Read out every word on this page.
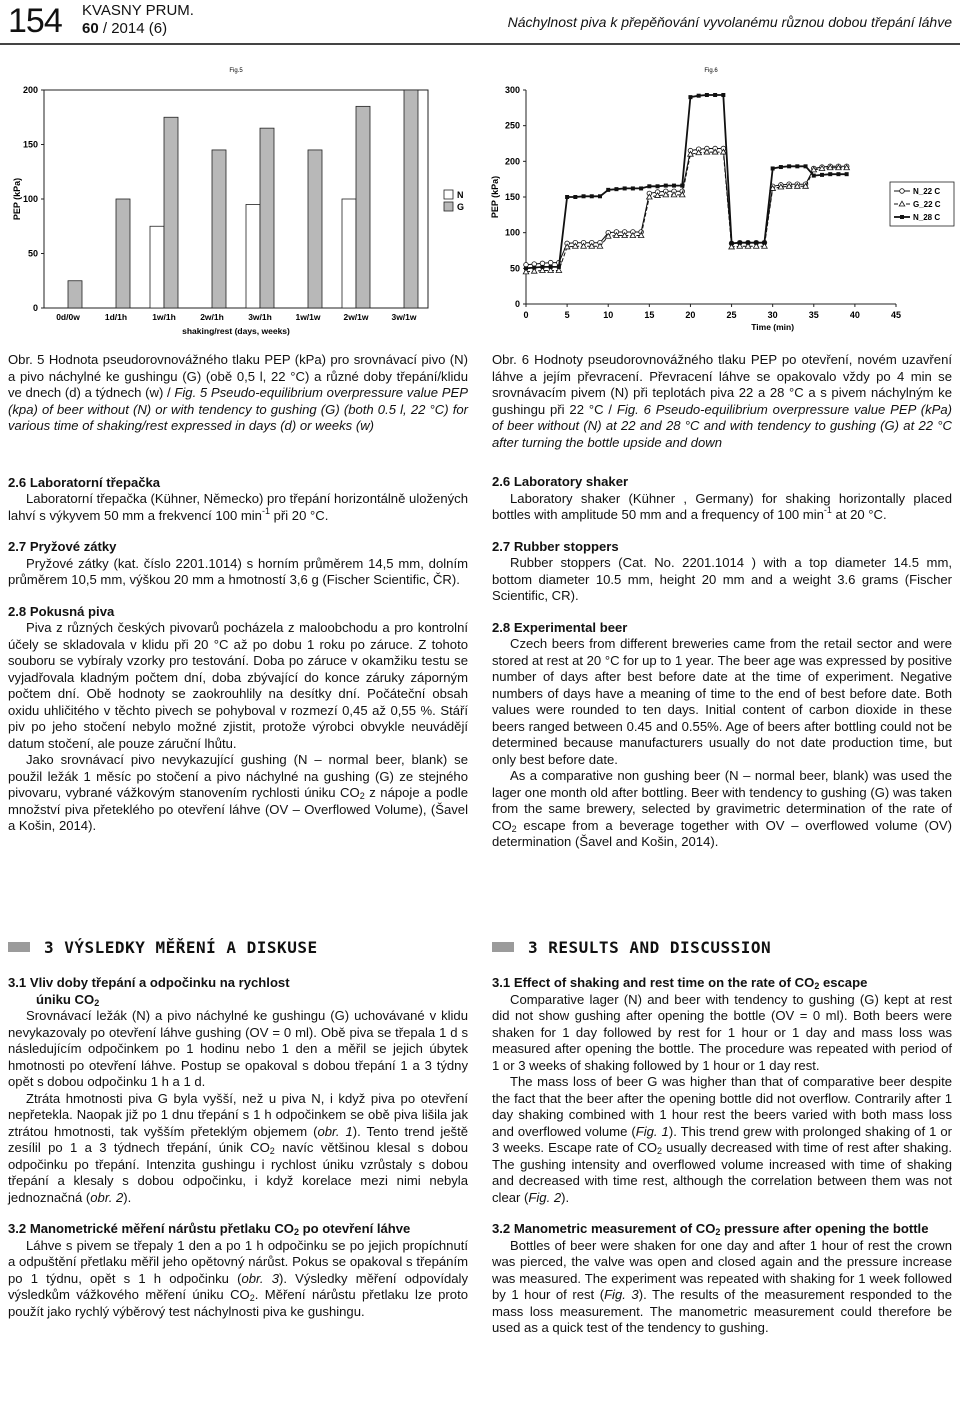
154 KVASNY PRUM.
60 / 2014 (6)	Náchylnost piva k přepěňování vyvolanému různou dobou třepání láhve
Fig.5
0
50
100
150
200
0d/0w	1d/1h	1w/1h	2w/1h	3w/1h	1w/1w	2w/1w	3w/1w
shaking/rest (days, weeks)
PEP (kPa)	N
G
Fig.6
0
50
100
150
200
250
300
0	5	10	15	20	25	30	35	40	45
Time (min)
PEP (kPa)	N_22 C
G_22 C
N_28 C

Obr. 5 Hodnota pseudorovnovážného tlaku PEP (kPa) pro srovnávací pivo (N) a pivo náchylné ke gushingu (G) (obě 0,5 l, 22 °C) a různé doby třepání/klidu ve dnech (d) a týdnech (w) / Fig. 5 Pseudo-equilibrium overpressure value PEP (kpa) of beer without (N) or with tendency to gushing (G) (both 0.5 l, 22 °C) for various time of shaking/rest expressed in days (d) or weeks (w)

2.6 Laboratorní třepačka

Laboratorní třepačka (Kühner, Německo) pro třepání horizontálně uložených lahví s výkyvem 50 mm a frekvencí 100 $\min^{-1}$ při 20 °C.

2.7 Pryžové zátky

Pryžové zátky (kat. číslo 2201.1014) s horním průměrem 14,5 mm, dolním průměrem 10,5 mm, výškou 20 mm a hmotností 3,6 g (Fischer Scientific, ČR).

2.8 Pokusná piva

Piva z různých českých pivovarů pocházela z maloobchodu a pro kontrolní účely se skladovala v klidu při 20 °C až po dobu 1 roku po záruce. Z tohoto souboru se vybíraly vzorky pro testování. Doba po záruce v okamžiku testu se vyjadřovala kladným počtem dní, doba zbývající do konce záruky záporným počtem dní. Obě hodnoty se zaokrouhlily na desítky dní. Počáteční obsah oxidu uhličitého v těchto pivech se pohyboval v rozmezí 0,45 až 0,55 %. Stáří piv po jeho stočení nebylo možné zjistit, protože výrobci obvykle neuvádějí datum stočení, ale pouze záruční lhůtu.

Jako srovnávací pivo nevykazující gushing (N – normal beer, blank) se použil ležák 1 měsíc po stočení a pivo náchylné na gushing (G) ze stejného pivovaru, vybrané vážkovým stanovením rychlosti úniku $CO_2$ z nápoje a podle množství piva přeteklého po otevření láhve (OV – Overflowed Volume), (Šavel a Košin, 2014).

3 VÝSLEDKY MĚŘENÍ A DISKUSE

3.1 Vliv doby třepání a odpočinku na rychlost

úniku $CO_2$

Srovnávací ležák (N) a pivo náchylné ke gushingu (G) uchovávané v klidu nevykazovaly po otevření láhve gushing (OV = 0 ml). Obě piva se třepala 1 d s následujícím odpočinkem po 1 hodinu nebo 1 den a měřil se jejich úbytek hmotnosti po otevření láhve. Postup se opakoval s dobou třepání 1 a 3 týdny opět s dobou odpočinku 1 h a 1 d.

Ztráta hmotnosti piva G byla vyšší, než u piva N, i když piva po otevření nepřetekla. Naopak již po 1 dnu třepání s 1 h odpočinkem se obě piva lišila jak ztrátou hmotnosti, tak vyšším přeteklým objemem (obr. 1). Tento trend ještě zesílil po 1 a 3 týdnech třepání, únik $CO_2$ navíc většinou klesal s dobou odpočinku po třepání. Intenzita gushingu i rychlost úniku vzrůstaly s dobou třepání a klesaly s dobou odpočinku, i když korelace mezi nimi nebyla jednoznačná (obr. 2).

3.2 Manometrické měření nárůstu přetlaku $CO_2$ po otevření láhve

Láhve s pivem se třepaly 1 den a po 1 h odpočinku se po jejich propíchnutí a odpuštění přetlaku měřil jeho opětovný nárůst. Pokus se opakoval s třepáním po 1 týdnu, opět s 1 h odpočinku (obr. 3). Výsledky měření odpovídaly výsledkům vážkového měření úniku $CO_2$. Měření nárůstu přetlaku lze proto použít jako rychlý výběrový test náchylnosti piva ke gushingu.

Obr. 6 Hodnoty pseudorovnovážného tlaku PEP po otevření, novém uzavření láhve a jejím převracení. Převracení láhve se opakovalo vždy po 4 min se srovnávacím pivem (N) při teplotách piva 22 a 28 °C a s pivem náchylným ke gushingu při 22 °C / Fig. 6 Pseudo-equilibrium overpressure value PEP (kPa) of beer without (N) at 22 and 28 °C and with tendency to gushing (G) at 22 °C after turning the bottle upside and down

2.6 Laboratory shaker

Laboratory shaker (Kühner , Germany) for shaking horizontally placed bottles with amplitude 50 mm and a frequency of 100 $\min^{-1}$ at 20 °C.

2.7 Rubber stoppers

Rubber stoppers (Cat. No. 2201.1014 ) with a top diameter 14.5 mm, bottom diameter 10.5 mm, height 20 mm and a weight 3.6 grams (Fischer Scientific, CR).

2.8 Experimental beer

Czech beers from different breweries came from the retail sector and were stored at rest at 20 °C for up to 1 year. The beer age was expressed by positive number of days after best before date at the time of experiment. Negative numbers of days have a meaning of time to the end of best before date. Both values were rounded to ten days. Initial content of carbon dioxide in these beers ranged between 0.45 and 0.55%. Age of beers after bottling could not be determined because manufacturers usually do not date production time, but only best before date.

As a comparative non gushing beer (N – normal beer, blank) was used the lager one month old after bottling. Beer with tendency to gushing (G) was taken from the same brewery, selected by gravimetric determination of the rate of $CO_2$ escape from a beverage together with OV – overflowed volume (OV) determination (Šavel and Košin, 2014).

3 RESULTS AND DISCUSSION

3.1 Effect of shaking and rest time on the rate of $CO_2$ escape

Comparative lager (N) and beer with tendency to gushing (G) kept at rest did not show gushing after opening the bottle (OV = 0 ml). Both beers were shaken for 1 day followed by rest for 1 hour or 1 day and mass loss was measured after opening the bottle. The procedure was repeated with period of 1 or 3 weeks of shaking followed by 1 hour or 1 day rest.

The mass loss of beer G was higher than that of comparative beer despite the fact that the beer after the opening bottle did not overflow. Contrarily after 1 day shaking combined with 1 hour rest the beers varied with both mass loss and overflowed volume (Fig. 1). This trend grew with prolonged shaking of 1 or 3 weeks. Escape rate of $CO_2$ usually decreased with time of rest after shaking. The gushing intensity and overflowed volume increased with time of shaking and decreased with time rest, although the correlation between them was not clear (Fig. 2).

3.2 Manometric measurement of $CO_2$ pressure after opening the bottle

Bottles of beer were shaken for one day and after 1 hour of rest the crown was pierced, the valve was open and closed again and the pressure increase was measured. The experiment was repeated with shaking for 1 week followed by 1 hour of rest (Fig. 3). The results of the measurement responded to the mass loss measurement. The manometric measurement could therefore be used as a quick test of the tendency to gushing.
